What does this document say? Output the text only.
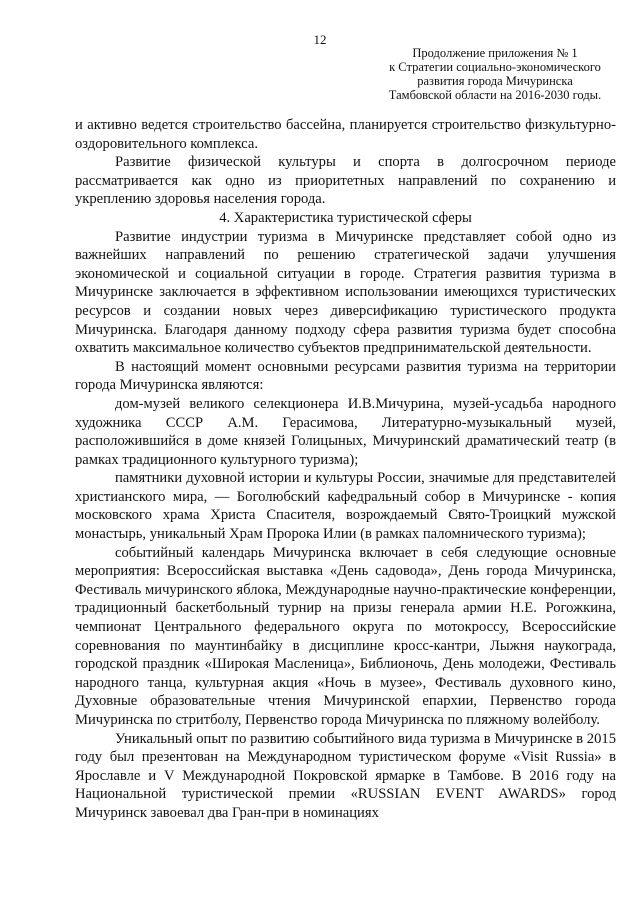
12
Продолжение приложения № 1
к Стратегии социально-экономического
развития города Мичуринска
Тамбовской области на 2016-2030 годы.

и активно ведется строительство бассейна, планируется строительство физкультурно-оздоровительного комплекса.

Развитие физической культуры и спорта в долгосрочном периоде рассматривается как одно из приоритетных направлений по сохранению и укреплению здоровья населения города.

4. Характеристика туристической сферы

Развитие индустрии туризма в Мичуринске представляет собой одно из важнейших направлений по решению стратегической задачи улучшения экономической и социальной ситуации в городе. Стратегия развития туризма в Мичуринске заключается в эффективном использовании имеющихся туристических ресурсов и создании новых через диверсификацию туристического продукта Мичуринска. Благодаря данному подходу сфера развития туризма будет способна охватить максимальное количество субъектов предпринимательской деятельности.

В настоящий момент основными ресурсами развития туризма на территории города Мичуринска являются:

дом-музей великого селекционера И.В.Мичурина, музей-усадьба народного художника СССР А.М. Герасимова, Литературно-музыкальный музей, расположившийся в доме князей Голицыных, Мичуринский драматический театр (в рамках традиционного культурного туризма);

памятники духовной истории и культуры России, значимые для представителей христианского мира, — Боголюбский кафедральный собор в Мичуринске - копия московского храма Христа Спасителя, возрождаемый Свято-Троицкий мужской монастырь, уникальный Храм Пророка Илии (в рамках паломнического туризма);

событийный календарь Мичуринска включает в себя следующие основные мероприятия: Всероссийская выставка «День садовода», День города Мичуринска, Фестиваль мичуринского яблока, Международные научно-практические конференции, традиционный баскетбольный турнир на призы генерала армии Н.Е. Рогожкина, чемпионат Центрального федерального округа по мотокроссу, Всероссийские соревнования по маунтинбайку в дисциплине кросс-кантри, Лыжня наукограда, городской праздник «Широкая Масленица», Библионочь, День молодежи, Фестиваль народного танца, культурная акция «Ночь в музее», Фестиваль духовного кино, Духовные образовательные чтения Мичуринской епархии, Первенство города Мичуринска по стритболу, Первенство города Мичуринска по пляжному волейболу.

Уникальный опыт по развитию событийного вида туризма в Мичуринске в 2015 году был презентован на Международном туристическом форуме «Visit Russia» в Ярославле и V Международной Покровской ярмарке в Тамбове. В 2016 году на Национальной туристической премии «RUSSIAN EVENT AWARDS» город Мичуринск завоевал два Гран-при в номинациях
